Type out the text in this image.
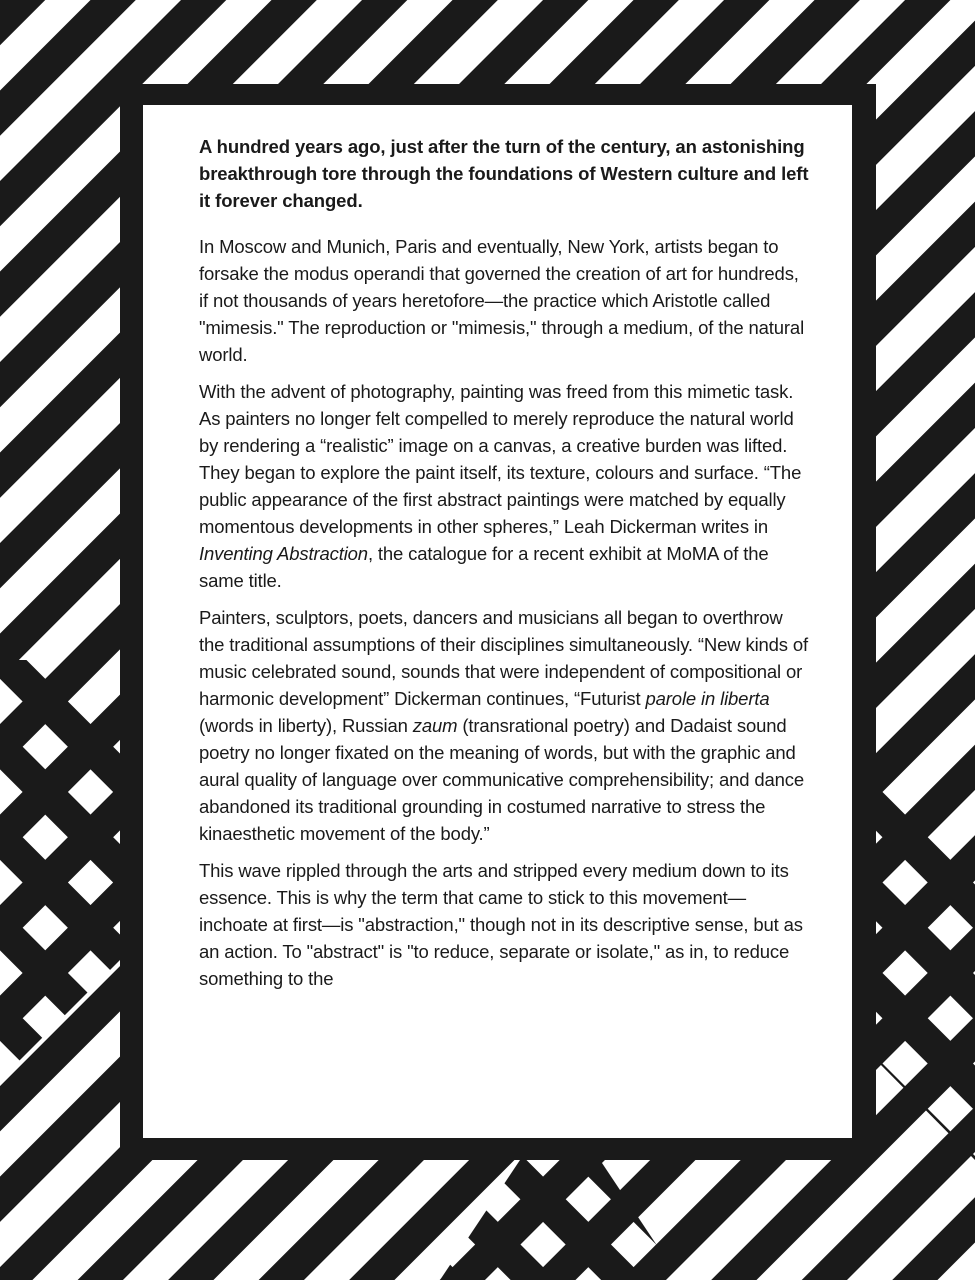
A hundred years ago, just after the turn of the century, an astonishing breakthrough tore through the foundations of Western culture and left it forever changed.

In Moscow and Munich, Paris and eventually, New York, artists began to forsake the modus operandi that governed the creation of art for hundreds, if not thousands of years heretofore—the practice which Aristotle called "mimesis." The reproduction or "mimesis," through a medium, of the natural world.

With the advent of photography, painting was freed from this mimetic task. As painters no longer felt compelled to merely reproduce the natural world by rendering a “realistic” image on a canvas, a creative burden was lifted. They began to explore the paint itself, its texture, colours and surface. “The public appearance of the first abstract paintings were matched by equally momentous developments in other spheres,” Leah Dickerman writes in Inventing Abstraction, the catalogue for a recent exhibit at MoMA of the same title.

Painters, sculptors, poets, dancers and musicians all began to overthrow the traditional assumptions of their disciplines simultaneously. “New kinds of music celebrated sound, sounds that were independent of compositional or harmonic development” Dickerman continues, “Futurist parole in liberta (words in liberty), Russian zaum (transrational poetry) and Dadaist sound poetry no longer fixated on the meaning of words, but with the graphic and aural quality of language over communicative comprehensibility; and dance abandoned its traditional grounding in costumed narrative to stress the kinaesthetic movement of the body.”

This wave rippled through the arts and stripped every medium down to its essence. This is why the term that came to stick to this movement—inchoate at first—is "abstraction," though not in its descriptive sense, but as an action. To "abstract" is "to reduce, separate or isolate," as in, to reduce something to the
